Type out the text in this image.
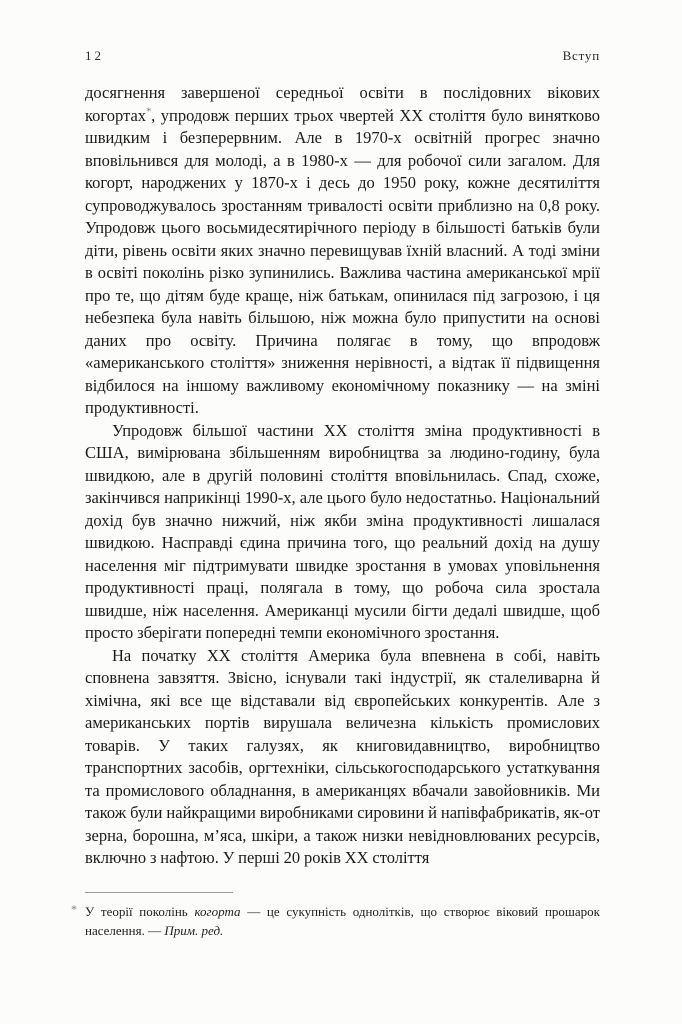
12	Вступ

досягнення завершеної середньої освіти в послідовних вікових когортах*, упродовж перших трьох чвертей XX століття було винятково швидким і безперервним. Але в 1970-х освітній прогрес значно вповільнився для молоді, а в 1980-х — для робочої сили загалом. Для когорт, народжених у 1870-х і десь до 1950 року, кожне десятиліття супроводжувалось зростанням тривалості освіти приблизно на 0,8 року. Упродовж цього восьмидесятирічного періоду в більшості батьків були діти, рівень освіти яких значно перевищував їхній власний. А тоді зміни в освіті поколінь різко зупинились. Важлива частина американської мрії про те, що дітям буде краще, ніж батькам, опинилася під загрозою, і ця небезпека була навіть більшою, ніж можна було припустити на основі даних про освіту. Причина полягає в тому, що впродовж «американського століття» зниження нерівності, а відтак її підвищення відбилося на іншому важливому економічному показнику — на зміні продуктивності.

Упродовж більшої частини XX століття зміна продуктивності в США, вимірювана збільшенням виробництва за людино-годину, була швидкою, але в другій половині століття вповільнилась. Спад, схоже, закінчився наприкінці 1990-х, але цього було недостатньо. Національний дохід був значно нижчий, ніж якби зміна продуктивності лишалася швидкою. Насправді єдина причина того, що реальний дохід на душу населення міг підтримувати швидке зростання в умовах уповільнення продуктивності праці, полягала в тому, що робоча сила зростала швидше, ніж населення. Американці мусили бігти дедалі швидше, щоб просто зберігати попередні темпи економічного зростання.

На початку XX століття Америка була впевнена в собі, навіть сповнена завзяття. Звісно, існували такі індустрії, як сталеливарна й хімічна, які все ще відставали від європейських конкурентів. Але з американських портів вирушала величезна кількість промислових товарів. У таких галузях, як книговидавництво, виробництво транспортних засобів, оргтехніки, сільськогосподарського устаткування та промислового обладнання, в американцях вбачали завойовників. Ми також були найкращими виробниками сировини й напівфабрикатів, як-от зерна, борошна, м’яса, шкіри, а також низки невідновлюваних ресурсів, включно з нафтою. У перші 20 років XX століття

* У теорії поколінь когорта — це сукупність однолітків, що створює віковий прошарок населення. — Прим. ред.
